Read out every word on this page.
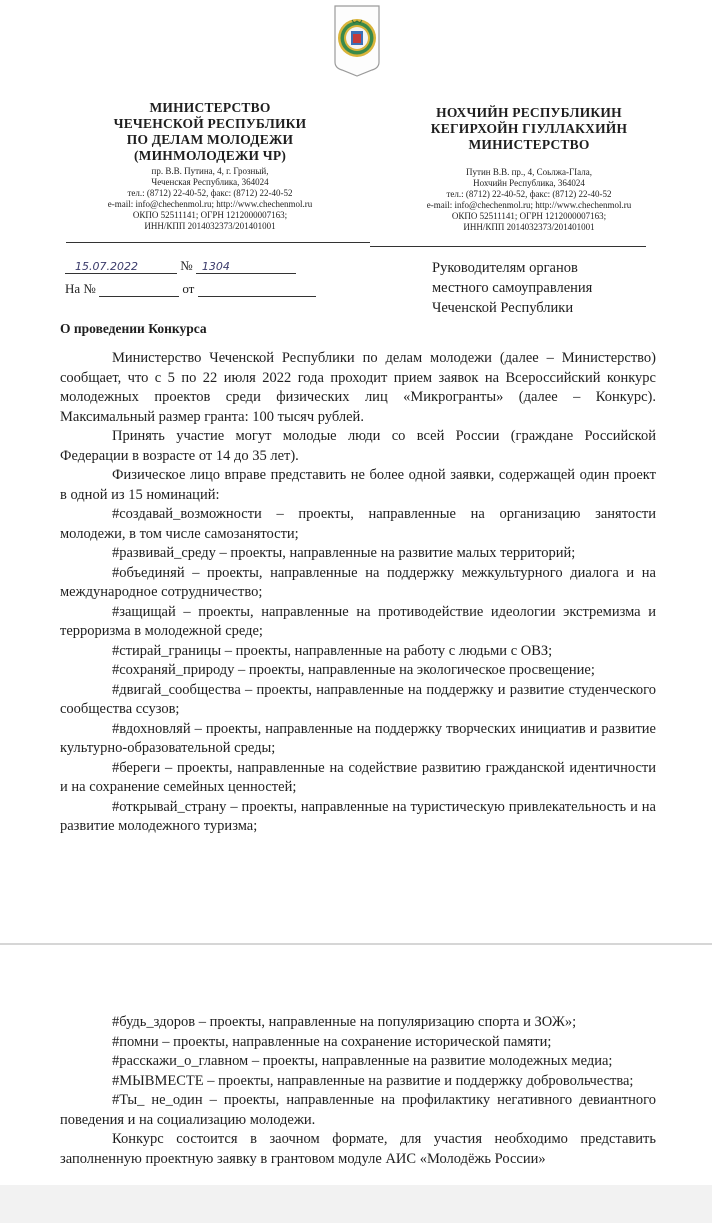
МИНИСТЕРСТВО
ЧЕЧЕНСКОЙ РЕСПУБЛИКИ
ПО ДЕЛАМ МОЛОДЕЖИ
(МИНМОЛОДЕЖИ ЧР)
пр. В.В. Путина, 4, г. Грозный,
Чеченская Республика, 364024
тел.: (8712) 22-40-52, факс: (8712) 22-40-52
e-mail: info@chechenmol.ru; http://www.chechenmol.ru
ОКПО 52511141; ОГРН 1212000007163;
ИНН/КПП 2014032373/201401001
НОХЧИЙН РЕСПУБЛИКИН
КЕГИРХОЙН ГIУЛЛАКХИЙН
МИНИСТЕРСТВО
Путин В.В. пр., 4, Соьлжа-ГIала,
Нохчийн Республика, 364024
тел.: (8712) 22-40-52, факс: (8712) 22-40-52
e-mail: info@chechenmol.ru; http://www.chechenmol.ru
ОКПО 52511141; ОГРН 1212000007163;
ИНН/КПП 2014032373/201401001
15.07.2022	№ 1304
На №	от
Руководителям органов
местного самоуправления
Чеченской Республики
О проведении Конкурса

Министерство Чеченской Республики по делам молодежи (далее – Министерство) сообщает, что с 5 по 22 июля 2022 года проходит прием заявок на Всероссийский конкурс молодежных проектов среди физических лиц «Микрогранты» (далее – Конкурс). Максимальный размер гранта: 100 тысяч рублей.

Принять участие могут молодые люди со всей России (граждане Российской Федерации в возрасте от 14 до 35 лет).

Физическое лицо вправе представить не более одной заявки, содержащей один проект в одной из 15 номинаций:

#создавай_возможности – проекты, направленные на организацию занятости молодежи, в том числе самозанятости;

#развивай_среду – проекты, направленные на развитие малых территорий;

#объединяй – проекты, направленные на поддержку межкультурного диалога и на международное сотрудничество;

#защищай – проекты, направленные на противодействие идеологии экстремизма и терроризма в молодежной среде;

#стирай_границы – проекты, направленные на работу с людьми с ОВЗ;

#сохраняй_природу – проекты, направленные на экологическое просвещение;

#двигай_сообщества – проекты, направленные на поддержку и развитие студенческого сообщества ссузов;

#вдохновляй – проекты, направленные на поддержку творческих инициатив и развитие культурно-образовательной среды;

#береги – проекты, направленные на содействие развитию гражданской идентичности и на сохранение семейных ценностей;

#открывай_страну – проекты, направленные на туристическую привлекательность и на развитие молодежного туризма;

#будь_здоров – проекты, направленные на популяризацию спорта и ЗОЖ»;

#помни – проекты, направленные на сохранение исторической памяти;

#расскажи_о_главном – проекты, направленные на развитие молодежных медиа;

#МЫВМЕСТЕ – проекты, направленные на развитие и поддержку добровольчества;

#Ты_ не_один – проекты, направленные на профилактику негативного девиантного поведения и на социализацию молодежи.

Конкурс состоится в заочном формате, для участия необходимо представить заполненную проектную заявку в грантовом модуле АИС «Молодёжь России»
